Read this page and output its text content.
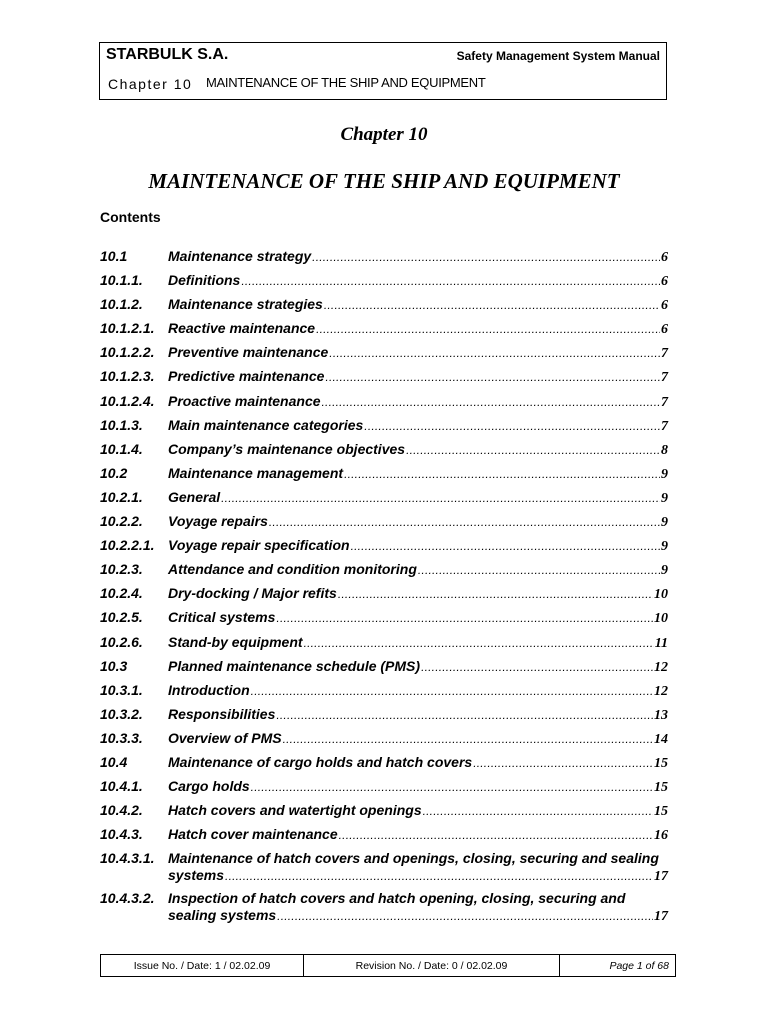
STARBULK S.A.	Safety Management System Manual
Chapter 10 MAINTENANCE OF THE SHIP AND EQUIPMENT
Chapter 10
MAINTENANCE OF THE SHIP AND EQUIPMENT
Contents
10.1	Maintenance strategy .....	6
10.1.1. Definitions .....	6
10.1.2. Maintenance strategies .....	6
10.1.2.1. Reactive maintenance .....	6
10.1.2.2. Preventive maintenance .....	7
10.1.2.3. Predictive maintenance .....	7
10.1.2.4. Proactive maintenance .....	7
10.1.3. Main maintenance categories .....	7
10.1.4. Company’s maintenance objectives .....	8
10.2	Maintenance management .....	9
10.2.1. General .....	9
10.2.2. Voyage repairs .....	9
10.2.2.1. Voyage repair specification .....	9
10.2.3. Attendance and condition monitoring .....	9
10.2.4. Dry-docking / Major refits .....	10
10.2.5. Critical systems .....	10
10.2.6. Stand-by equipment .....	11
10.3	Planned maintenance schedule (PMS) .....	12
10.3.1. Introduction .....	12
10.3.2. Responsibilities .....	13
10.3.3. Overview of PMS .....	14
10.4	Maintenance of cargo holds and hatch covers .....	15
10.4.1. Cargo holds .....	15
10.4.2. Hatch covers and watertight openings .....	15
10.4.3. Hatch cover maintenance .....	16
10.4.3.1. Maintenance of hatch covers and openings, closing, securing and sealing
systems .....	17
10.4.3.2. Inspection of hatch covers and hatch opening, closing, securing and
sealing systems .....	17
Issue No. / Date: 1 / 02.02.09	Revision No. / Date: 0 / 02.02.09	Page 1 of 68
